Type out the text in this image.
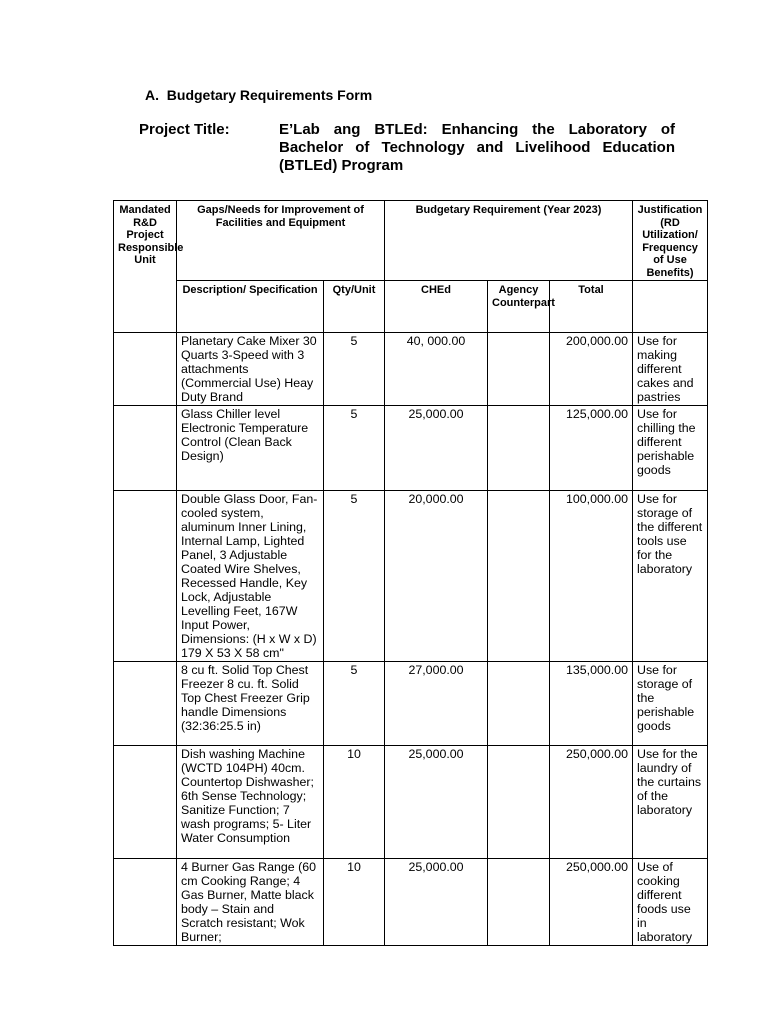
A. Budgetary Requirements Form
Project Title:	E’Lab ang BTLEd: Enhancing the Laboratory of Bachelor of Technology and Livelihood Education (BTLEd) Program
Mandated R&D Project Responsible Unit	Gaps/Needs for Improvement of Facilities and Equipment		Budgetary Requirement (Year 2023)			Justification (RD Utilization/ Frequency of Use Benefits)
	Description/ Specification	Qty/Unit	CHEd	Agency Counterpart	Total	
	Planetary Cake Mixer 30 Quarts 3-Speed with 3 attachments (Commercial Use) Heay Duty Brand	5	40, 000.00		200,000.00	Use for making different cakes and pastries
	Glass Chiller level Electronic Temperature Control (Clean Back Design)	5	25,000.00		125,000.00	Use for chilling the different perishable goods
	Double Glass Door, Fan-cooled system, aluminum Inner Lining, Internal Lamp, Lighted Panel, 3 Adjustable Coated Wire Shelves, Recessed Handle, Key Lock, Adjustable Levelling Feet, 167W Input Power, Dimensions: (H x W x D) 179 X 53 X 58 cm"	5	20,000.00		100,000.00	Use for storage of the different tools use for the laboratory
	8 cu ft. Solid Top Chest Freezer 8 cu. ft. Solid Top Chest Freezer Grip handle Dimensions (32:36:25.5 in)	5	27,000.00		135,000.00	Use for storage of the perishable goods
	Dish washing Machine (WCTD 104PH) 40cm. Countertop Dishwasher; 6th Sense Technology; Sanitize Function; 7 wash programs; 5- Liter Water Consumption	10	25,000.00		250,000.00	Use for the laundry of the curtains of the laboratory
	4 Burner Gas Range (60 cm Cooking Range; 4 Gas Burner, Matte black body – Stain and Scratch resistant; Wok Burner;	10	25,000.00		250,000.00	Use of cooking different foods use in laboratory
